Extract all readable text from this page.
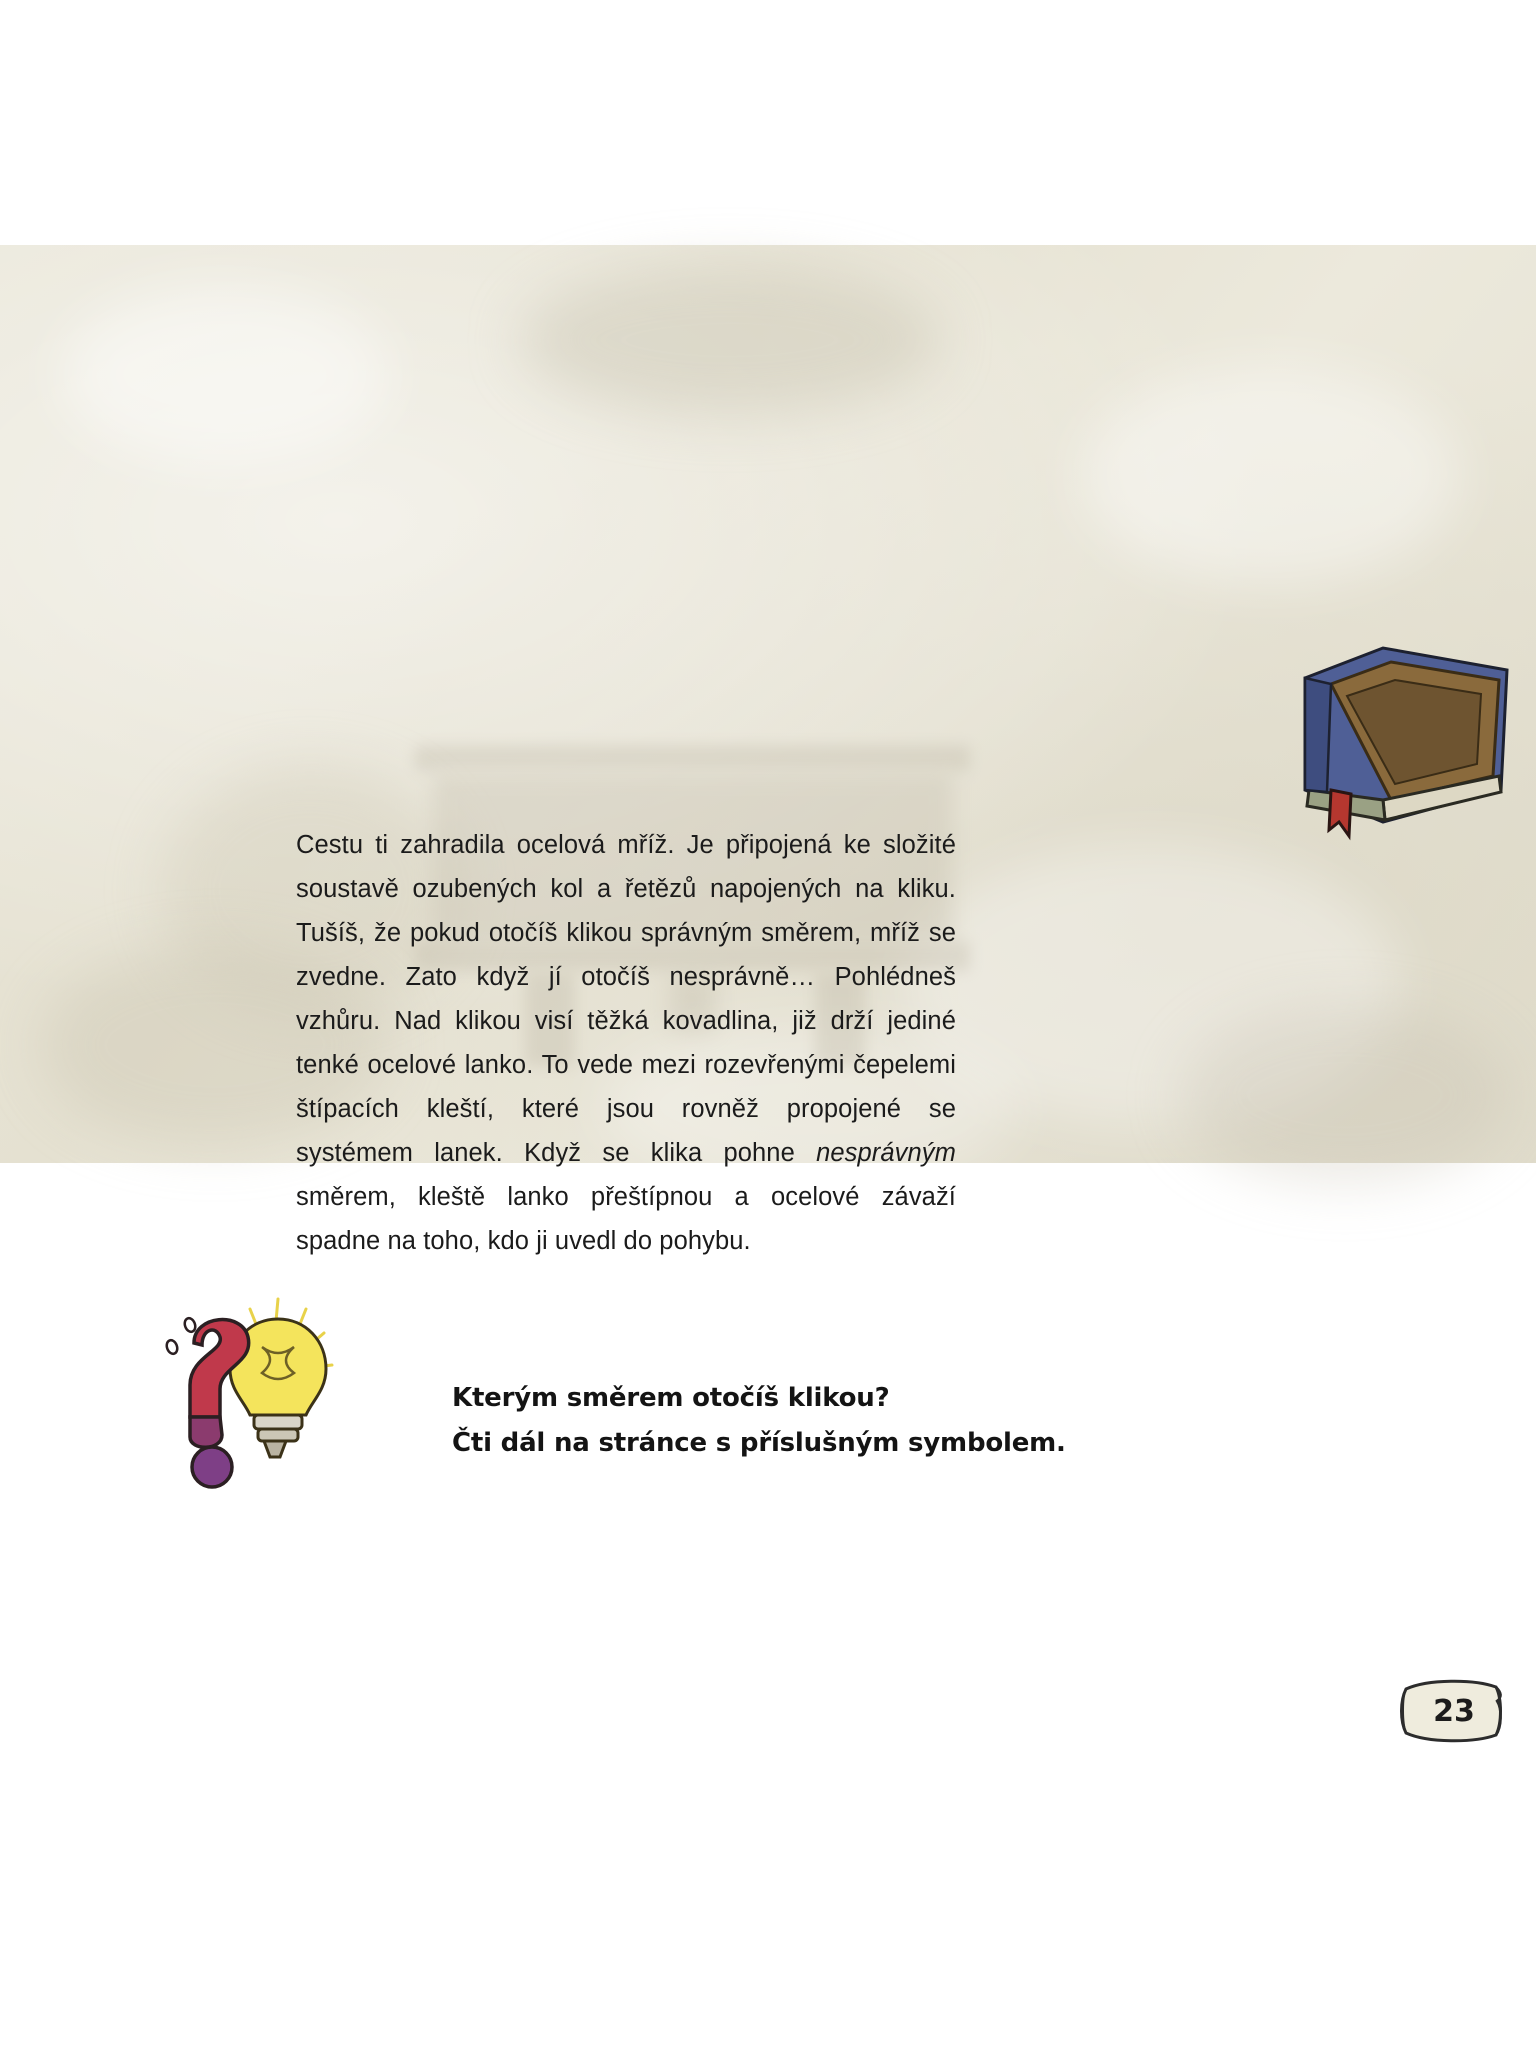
Cestu ti zahradila ocelová mříž. Je připojená ke složité soustavě ozubených kol a řetězů napojených na kliku. Tušíš, že pokud otočíš klikou správným směrem, mříž se zvedne. Zato když jí otočíš nesprávně… Pohlédneš vzhůru. Nad klikou visí těžká kovadlina, již drží jediné tenké ocelové lanko. To vede mezi rozevřenými čepelemi štípacích kleští, které jsou rovněž propojené se systémem lanek. Když se klika pohne nesprávným směrem, kleště lanko přeštípnou a ocelové závaží spadne na toho, kdo ji uvedl do pohybu.

Kterým směrem otočíš klikou?
Čti dál na stránce s příslušným symbolem.
23
